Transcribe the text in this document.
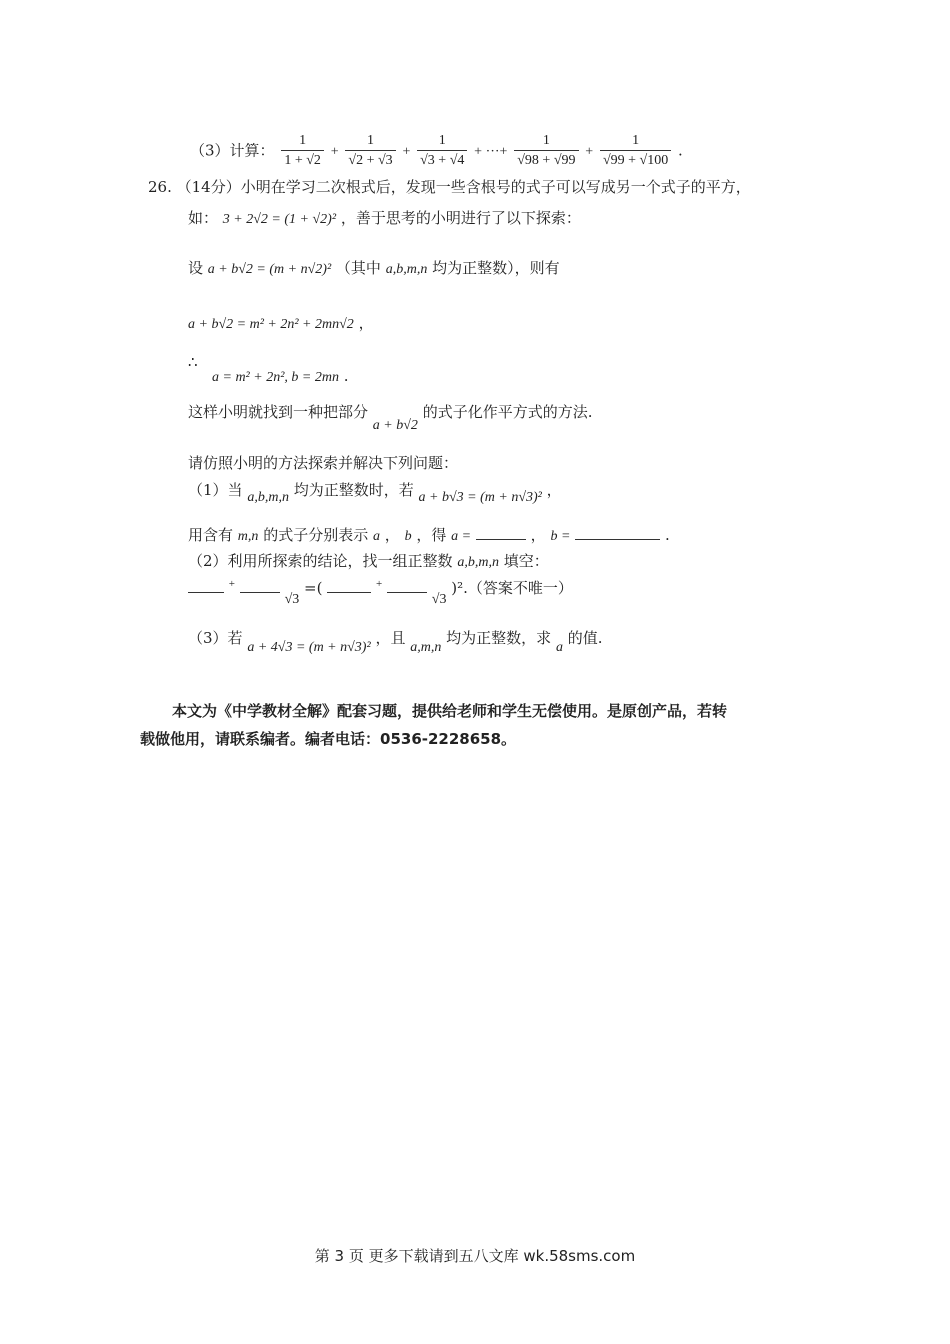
（3）计算： $\frac{1}{1 + √2} + \frac{1}{√2 + √3} + \frac{1}{√3 + √4}$ + ···+ $\frac{1}{√98 + √99} + \frac{1}{√99 + √100}$ .
26. （14分）小明在学习二次根式后，发现一些含根号的式子可以写成另一个式子的平方，
如： 3 + 2√2 = (1 + √2)² ，善于思考的小明进行了以下探索：
设 a + b√2 = (m + n√2)² （其中 a,b,m,n 均为正整数），则有
a + b√2 = m² + 2n² + 2mn√2 ，
∴
a = m² + 2n², b = 2mn .
这样小明就找到一种把部分 a + b√2 的式子化作平方式的方法.
请仿照小明的方法探索并解决下列问题：
（1）当 a,b,m,n 均为正整数时，若 a + b√3 = (m + n√3)² ，
用含有 m,n 的式子分别表示 a ， b ，得 a =	， b =	.
（2）利用所探索的结论，找一组正整数 a,b,m,n 填空：
+  √3 =(	+  √3 )².（答案不唯一）
（3）若 a + 4√3 = (m + n√3)² ，且 a,m,n 均为正整数，求 a 的值.
本文为《中学教材全解》配套习题，提供给老师和学生无偿使用。是原创产品，若转
载做他用，请联系编者。编者电话：0536-2228658。
第 3 页 更多下载请到五八文库 wk.58sms.com
